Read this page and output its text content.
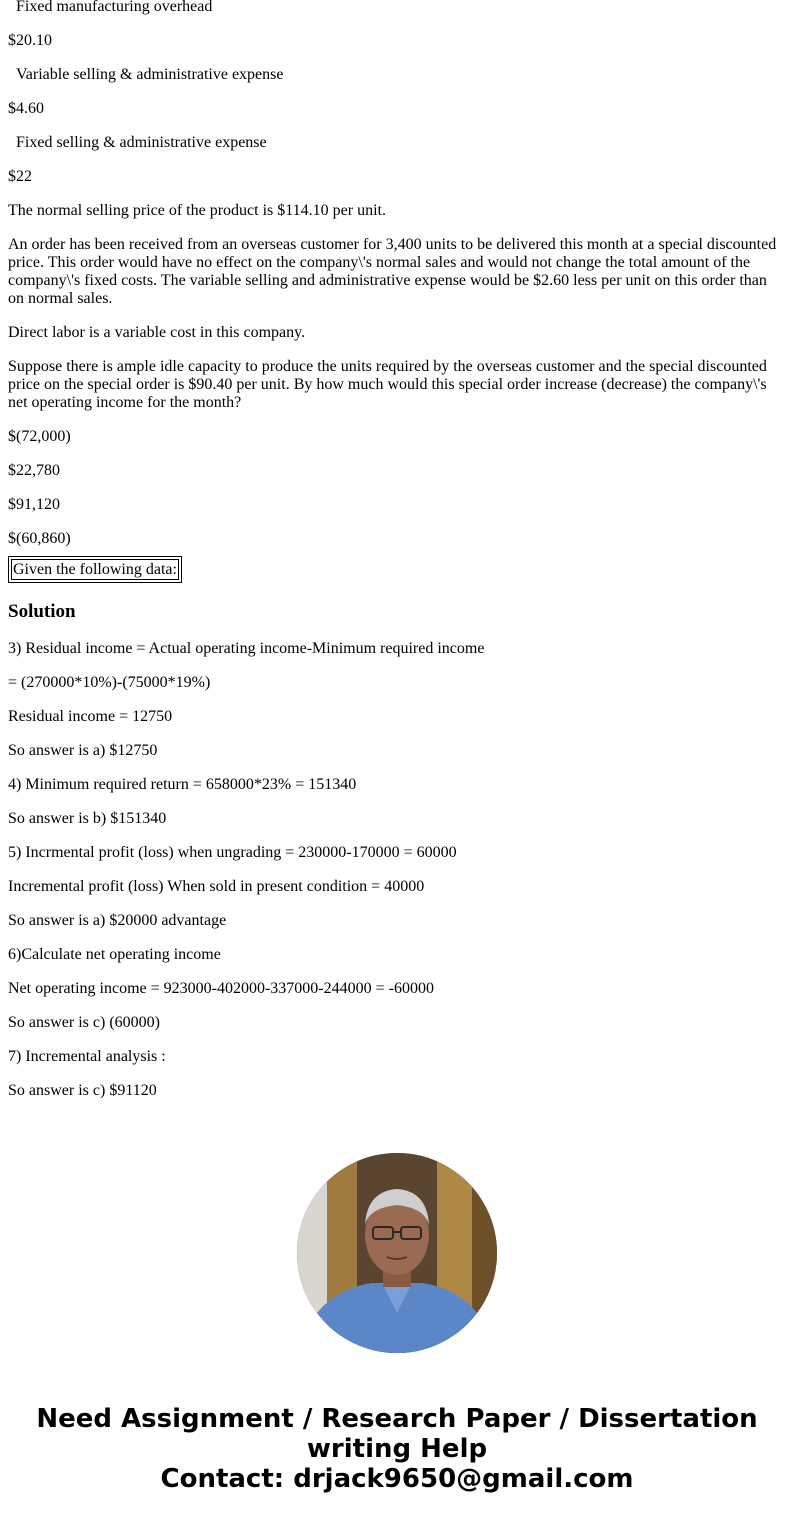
Fixed manufacturing overhead
$20.10
Variable selling & administrative expense
$4.60
Fixed selling & administrative expense
$22
The normal selling price of the product is $114.10 per unit.
An order has been received from an overseas customer for 3,400 units to be delivered this month at a special discounted price. This order would have no effect on the company\'s normal sales and would not change the total amount of the company\'s fixed costs. The variable selling and administrative expense would be $2.60 less per unit on this order than on normal sales.
Direct labor is a variable cost in this company.
Suppose there is ample idle capacity to produce the units required by the overseas customer and the special discounted price on the special order is $90.40 per unit. By how much would this special order increase (decrease) the company\'s net operating income for the month?
$(72,000)
$22,780
$91,120
$(60,860)
Given the following data:
Solution
3) Residual income = Actual operating income-Minimum required income
= (270000*10%)-(75000*19%)
Residual income = 12750
So answer is a) $12750
4) Minimum required return = 658000*23% = 151340
So answer is b) $151340
5) Incrmental profit (loss) when ungrading = 230000-170000 = 60000
Incremental profit (loss) When sold in present condition = 40000
So answer is a) $20000 advantage
6)Calculate net operating income
Net operating income = 923000-402000-337000-244000 = -60000
So answer is c) (60000)
7) Incremental analysis :
So answer is c) $91120
Need Assignment / Research Paper / Dissertation
writing Help
Contact: drjack9650@gmail.com
